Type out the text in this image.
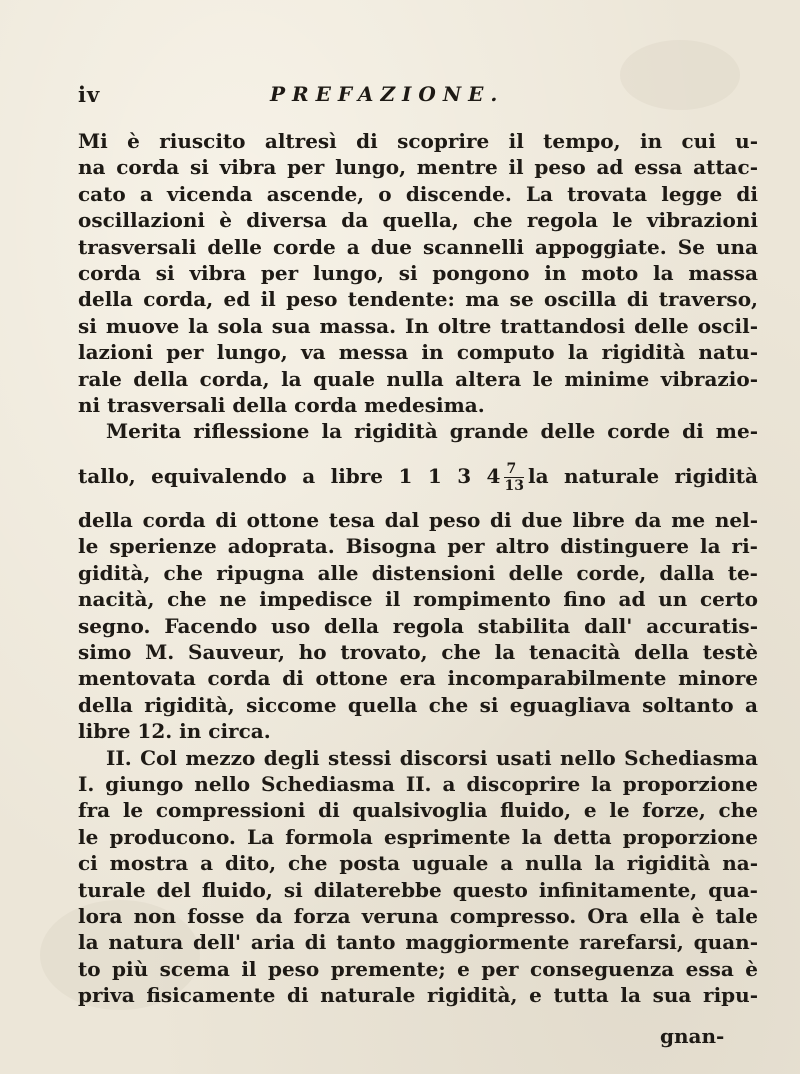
iv	PREFAZIONE.
Mi è riuscito altresì di scoprire il tempo, in cui u-
na corda si vibra per lungo, mentre il peso ad essa attac-
cato a vicenda ascende, o discende. La trovata legge di
oscillazioni è diversa da quella, che regola le vibrazioni
trasversali delle corde a due scannelli appoggiate. Se una
corda si vibra per lungo, si pongono in moto la massa
della corda, ed il peso tendente: ma se oscilla di traverso,
si muove la sola sua massa. In oltre trattandosi delle oscil-
lazioni per lungo, va messa in computo la rigidità natu-
rale della corda, la quale nulla altera le minime vibrazio-
ni trasversali della corda medesima.
Merita riflessione la rigidità grande delle corde di me-
tallo, equivalendo a libre 1 1 3 $4 \frac{7}{13}$ la naturale rigidità
della corda di ottone tesa dal peso di due libre da me nel-
le sperienze adoprata. Bisogna per altro distinguere la ri-
gidità, che ripugna alle distensioni delle corde, dalla te-
nacità, che ne impedisce il rompimento fino ad un certo
segno. Facendo uso della regola stabilita dall' accuratis-
simo M. Sauveur, ho trovato, che la tenacità della testè
mentovata corda di ottone era incomparabilmente minore
della rigidità, siccome quella che si eguagliava soltanto a
libre 12. in circa.
II. Col mezzo degli stessi discorsi usati nello Schediasma
I. giungo nello Schediasma II. a discoprire la proporzione
fra le compressioni di qualsivoglia fluido, e le forze, che
le producono. La formola esprimente la detta proporzione
ci mostra a dito, che posta uguale a nulla la rigidità na-
turale del fluido, si dilaterebbe questo infinitamente, qua-
lora non fosse da forza veruna compresso. Ora ella è tale
la natura dell' aria di tanto maggiormente rarefarsi, quan-
to più scema il peso premente; e per conseguenza essa è
priva fisicamente di naturale rigidità, e tutta la sua ripu-
gnan-
